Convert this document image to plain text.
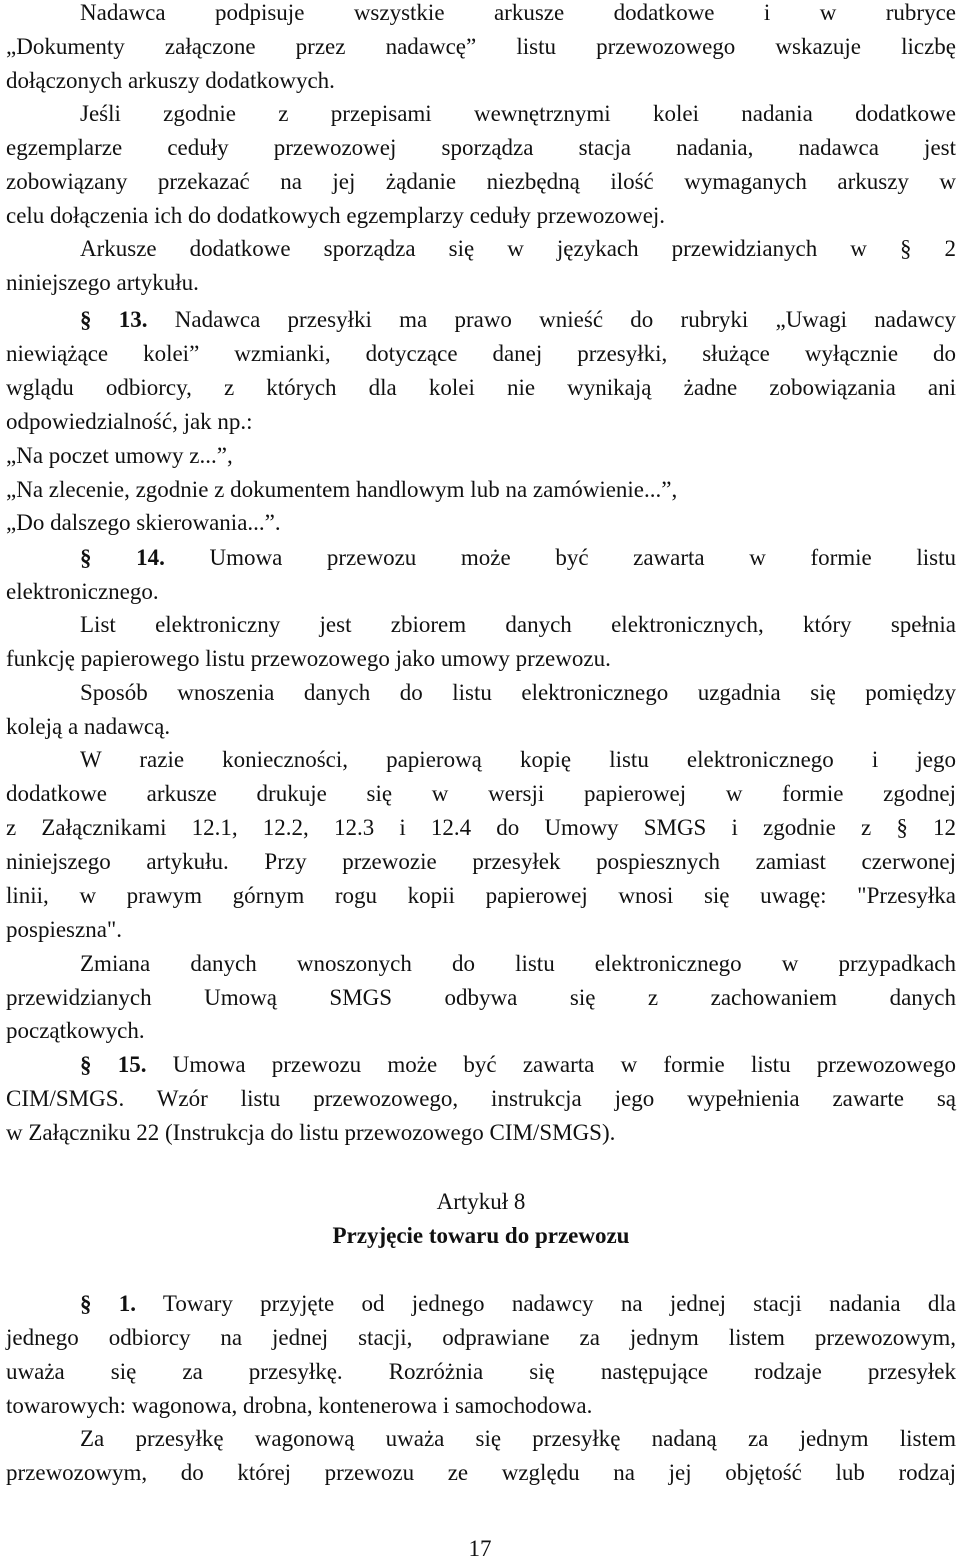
Nadawca podpisuje wszystkie arkusze dodatkowe i w rubryce
„Dokumenty załączone przez nadawcę” listu przewozowego wskazuje liczbę
dołączonych arkuszy dodatkowych.
Jeśli zgodnie z przepisami wewnętrznymi kolei nadania dodatkowe
egzemplarze ceduły przewozowej sporządza stacja nadania, nadawca jest
zobowiązany przekazać na jej żądanie niezbędną ilość wymaganych arkuszy w
celu dołączenia ich do dodatkowych egzemplarzy ceduły przewozowej.
Arkusze dodatkowe sporządza się w językach przewidzianych w § 2
niniejszego artykułu.
§ 13. Nadawca przesyłki ma prawo wnieść do rubryki „Uwagi nadawcy
niewiążące kolei” wzmianki, dotyczące danej przesyłki, służące wyłącznie do
wglądu odbiorcy, z których dla kolei nie wynikają żadne zobowiązania ani
odpowiedzialność, jak np.:
„Na poczet umowy z...”,
„Na zlecenie, zgodnie z dokumentem handlowym lub na zamówienie...”,
„Do dalszego skierowania...”.
§ 14. Umowa przewozu może być zawarta w formie listu
elektronicznego.
List elektroniczny jest zbiorem danych elektronicznych, który spełnia
funkcję papierowego listu przewozowego jako umowy przewozu.
Sposób wnoszenia danych do listu elektronicznego uzgadnia się pomiędzy
koleją a nadawcą.
W razie konieczności, papierową kopię listu elektronicznego i jego
dodatkowe arkusze drukuje się w wersji papierowej w formie zgodnej
z Załącznikami 12.1, 12.2, 12.3 i 12.4 do Umowy SMGS i zgodnie z § 12
niniejszego artykułu. Przy przewozie przesyłek pospiesznych zamiast czerwonej
linii, w prawym górnym rogu kopii papierowej wnosi się uwagę: "Przesyłka
pospieszna".
Zmiana danych wnoszonych do listu elektronicznego w przypadkach
przewidzianych Umową SMGS odbywa się z zachowaniem danych
początkowych.
§ 15. Umowa przewozu może być zawarta w formie listu przewozowego
CIM/SMGS. Wzór listu przewozowego, instrukcja jego wypełnienia zawarte są
w Załączniku 22 (Instrukcja do listu przewozowego CIM/SMGS).
Artykuł 8
Przyjęcie towaru do przewozu
§ 1. Towary przyjęte od jednego nadawcy na jednej stacji nadania dla
jednego odbiorcy na jednej stacji, odprawiane za jednym listem przewozowym,
uważa się za przesyłkę. Rozróżnia się następujące rodzaje przesyłek
towarowych: wagonowa, drobna, kontenerowa i samochodowa.
Za przesyłkę wagonową uważa się przesyłkę nadaną za jednym listem
przewozowym, do której przewozu ze względu na jej objętość lub rodzaj
17
